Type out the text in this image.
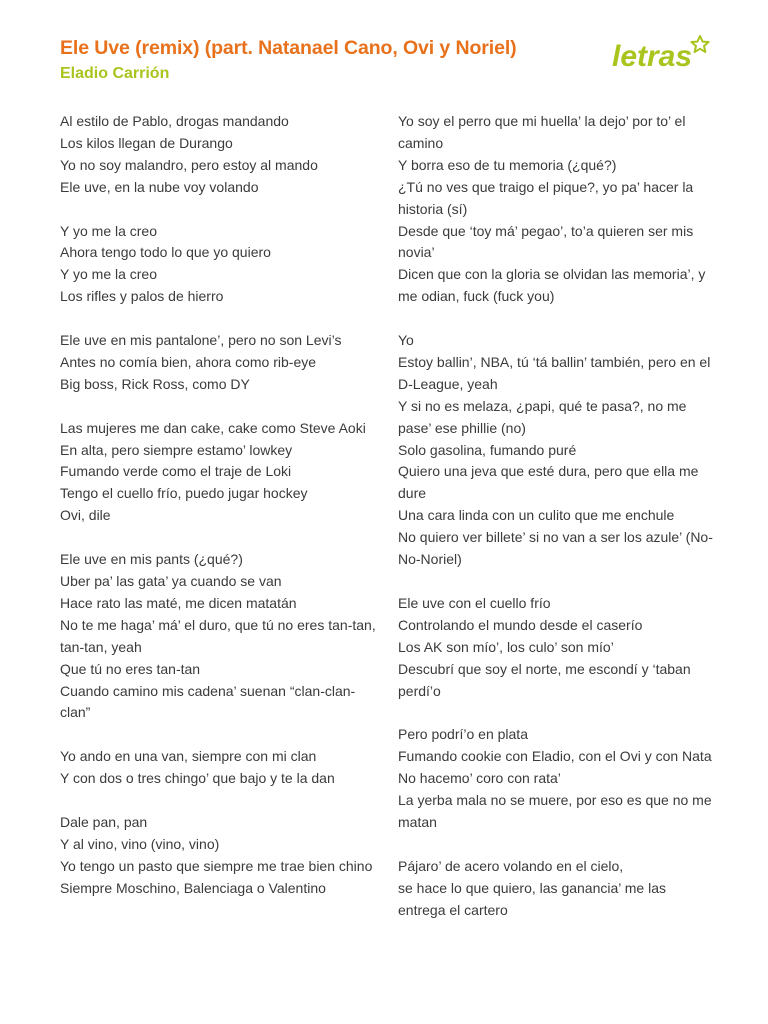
Ele Uve (remix) (part. Natanael Cano, Ovi y Noriel)
Eladio Carrión
letras
Al estilo de Pablo, drogas mandando
Los kilos llegan de Durango
Yo no soy malandro, pero estoy al mando
Ele uve, en la nube voy volando
Y yo me la creo
Ahora tengo todo lo que yo quiero
Y yo me la creo
Los rifles y palos de hierro
Ele uve en mis pantalone’, pero no son Levi’s
Antes no comía bien, ahora como rib-eye
Big boss, Rick Ross, como DY
Las mujeres me dan cake, cake como Steve Aoki
En alta, pero siempre estamo’ lowkey
Fumando verde como el traje de Loki
Tengo el cuello frío, puedo jugar hockey
Ovi, dile
Ele uve en mis pants (¿qué?)
Uber pa’ las gata’ ya cuando se van
Hace rato las maté, me dicen matatán
No te me haga’ má’ el duro, que tú no eres tan-tan, tan-tan, yeah
Que tú no eres tan-tan
Cuando camino mis cadena’ suenan “clan-clan-clan”
Yo ando en una van, siempre con mi clan
Y con dos o tres chingo’ que bajo y te la dan
Dale pan, pan
Y al vino, vino (vino, vino)
Yo tengo un pasto que siempre me trae bien chino
Siempre Moschino, Balenciaga o Valentino
Yo soy el perro que mi huella’ la dejo’ por to’ el camino
Y borra eso de tu memoria (¿qué?)
¿Tú no ves que traigo el pique?, yo pa’ hacer la historia (sí)
Desde que ‘toy má’ pegao’, to’a quieren ser mis novia’
Dicen que con la gloria se olvidan las memoria’, y me odian, fuck (fuck you)
Yo
Estoy ballin’, NBA, tú ‘tá ballin’ también, pero en el D-League, yeah
Y si no es melaza, ¿papi, qué te pasa?, no me pase’ ese phillie (no)
Solo gasolina, fumando puré
Quiero una jeva que esté dura, pero que ella me dure
Una cara linda con un culito que me enchule
No quiero ver billete’ si no van a ser los azule’ (No-No-Noriel)
Ele uve con el cuello frío
Controlando el mundo desde el caserío
Los AK son mío’, los culo’ son mío’
Descubrí que soy el norte, me escondí y ‘taban perdí’o
Pero podrí’o en plata
Fumando cookie con Eladio, con el Ovi y con Nata
No hacemo’ coro con rata’
La yerba mala no se muere, por eso es que no me matan
Pájaro’ de acero volando en el cielo,
se hace lo que quiero, las ganancia’ me las entrega el cartero
